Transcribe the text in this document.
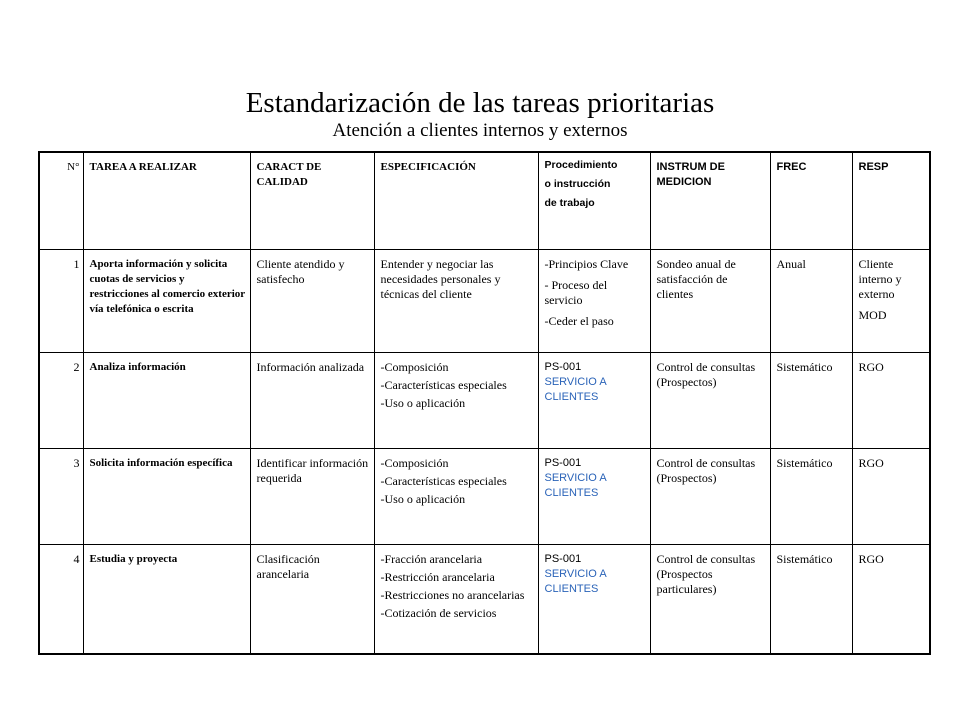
Estandarización de las tareas prioritarias
Atención a clientes internos y externos
N°	TAREA A REALIZAR	CARACT DE CALIDAD	ESPECIFICACIÓN	Procedimiento
o instrucción
de trabajo	INSTRUM DE MEDICION	FREC	RESP
1	Aporta información y solicita cuotas de servicios y restricciones al comercio exterior vía telefónica o escrita	Cliente atendido y satisfecho	Entender y negociar las necesidades personales y técnicas del cliente	-Principios Clave
- Proceso del servicio
-Ceder el paso	Sondeo anual de satisfacción de clientes	Anual	Cliente interno y externo
MOD

2	Analiza información	Información analizada	-Composición
-Características especiales
-Uso o aplicación	PS-001
SERVICIO A CLIENTES	Control de consultas (Prospectos)	Sistemático	RGO

3	Solicita información específica	Identificar información requerida	-Composición
-Características especiales
-Uso o aplicación	PS-001
SERVICIO A CLIENTES	Control de consultas (Prospectos)	Sistemático	RGO

4	Estudia y proyecta	Clasificación arancelaria	-Fracción arancelaria
-Restricción arancelaria
-Restricciones no arancelarias
-Cotización de servicios	PS-001
SERVICIO A CLIENTES	Control de consultas (Prospectos particulares)	Sistemático	RGO
